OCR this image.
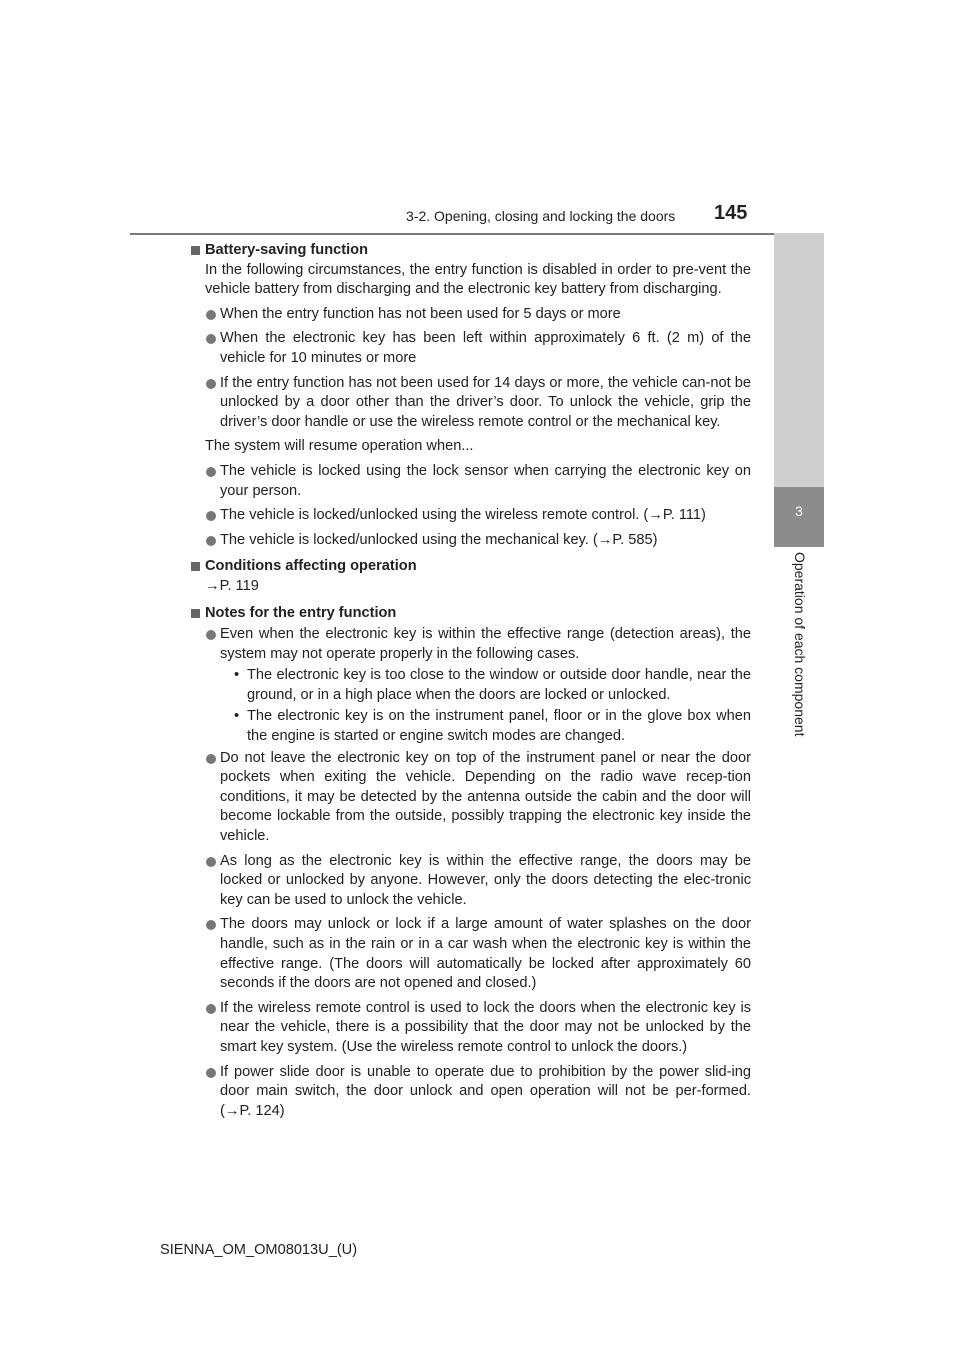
3-2. Opening, closing and locking the doors 145
3
Operation of each component
Battery-saving function

In the following circumstances, the entry function is disabled in order to pre-vent the vehicle battery from discharging and the electronic key battery from discharging.

When the entry function has not been used for 5 days or more

When the electronic key has been left within approximately 6 ft. (2 m) of the vehicle for 10 minutes or more

If the entry function has not been used for 14 days or more, the vehicle can-not be unlocked by a door other than the driver’s door. To unlock the vehicle, grip the driver’s door handle or use the wireless remote control or the mechanical key.

The system will resume operation when...

The vehicle is locked using the lock sensor when carrying the electronic key on your person.

The vehicle is locked/unlocked using the wireless remote control. (→P. 111)

The vehicle is locked/unlocked using the mechanical key. (→P. 585)

Conditions affecting operation

→P. 119

Notes for the entry function

Even when the electronic key is within the effective range (detection areas), the system may not operate properly in the following cases.

• The electronic key is too close to the window or outside door handle, near the ground, or in a high place when the doors are locked or unlocked.

• The electronic key is on the instrument panel, floor or in the glove box when the engine is started or engine switch modes are changed.

Do not leave the electronic key on top of the instrument panel or near the door pockets when exiting the vehicle. Depending on the radio wave recep-tion conditions, it may be detected by the antenna outside the cabin and the door will become lockable from the outside, possibly trapping the electronic key inside the vehicle.

As long as the electronic key is within the effective range, the doors may be locked or unlocked by anyone. However, only the doors detecting the elec-tronic key can be used to unlock the vehicle.

The doors may unlock or lock if a large amount of water splashes on the door handle, such as in the rain or in a car wash when the electronic key is within the effective range. (The doors will automatically be locked after approximately 60 seconds if the doors are not opened and closed.)

If the wireless remote control is used to lock the doors when the electronic key is near the vehicle, there is a possibility that the door may not be unlocked by the smart key system. (Use the wireless remote control to unlock the doors.)

If power slide door is unable to operate due to prohibition by the power slid-ing door main switch, the door unlock and open operation will not be per-formed. (→P. 124)

SIENNA_OM_OM08013U_(U)
